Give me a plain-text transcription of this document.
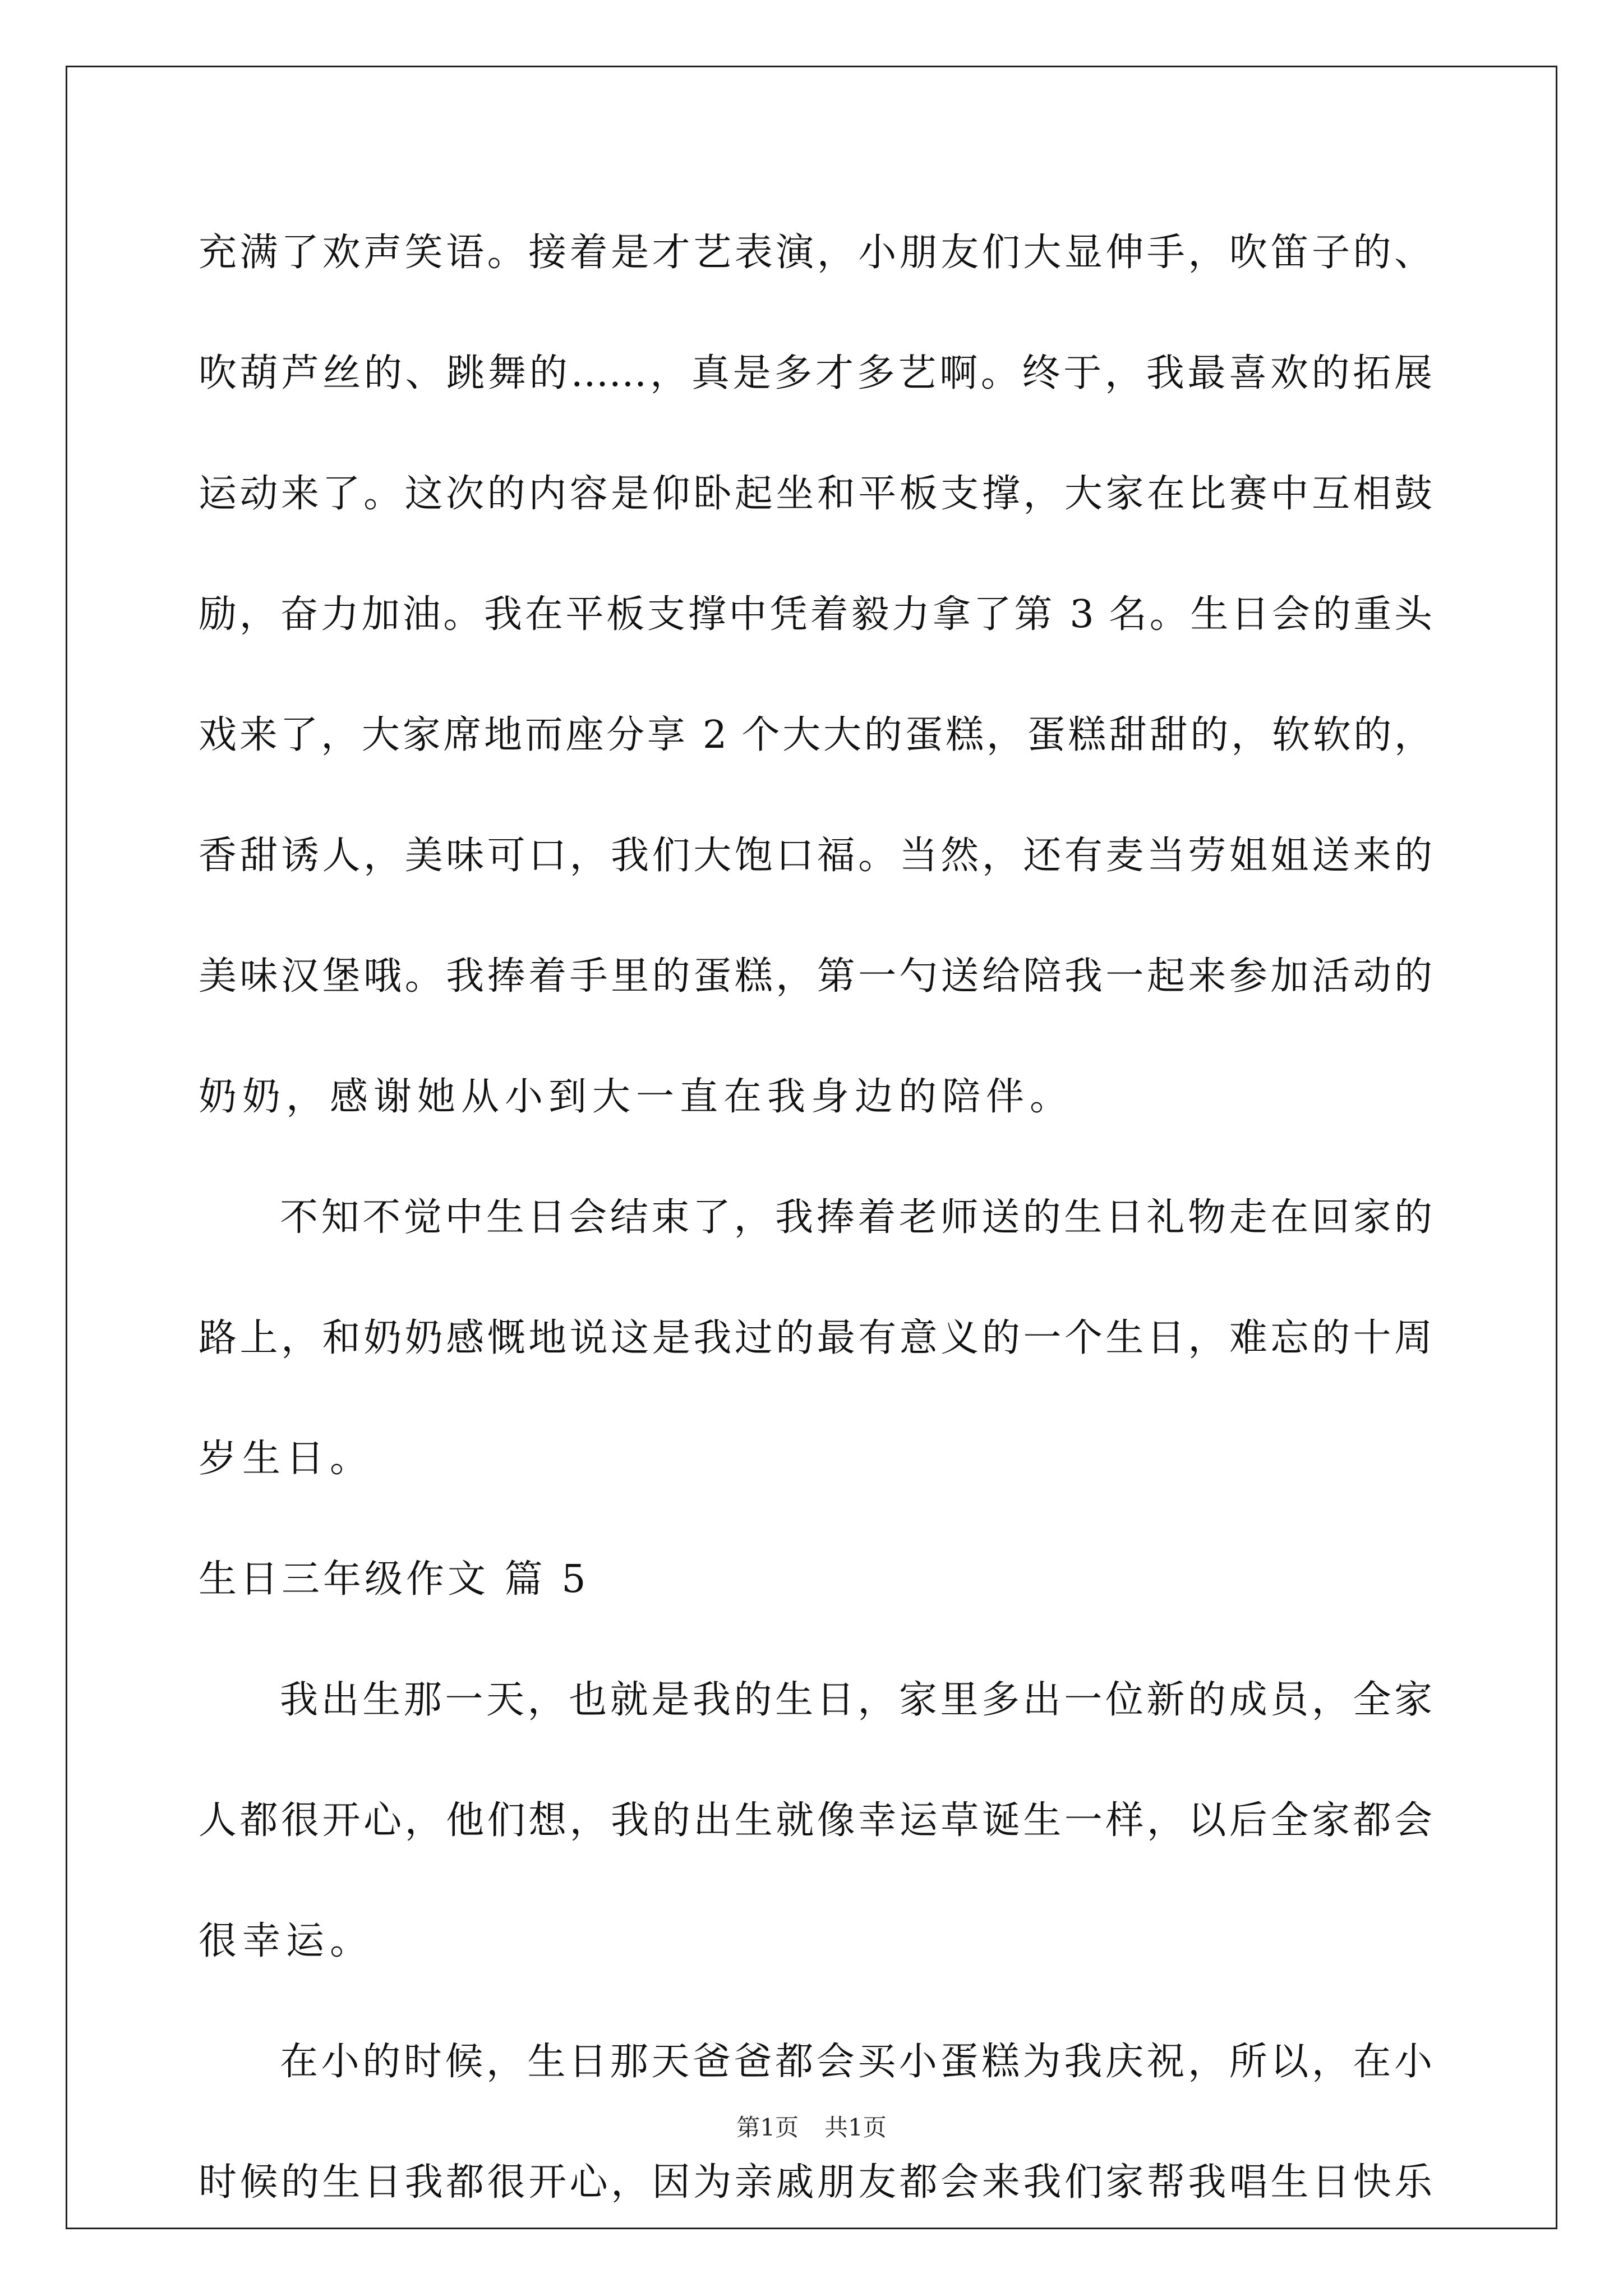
充满了欢声笑语。接着是才艺表演，小朋友们大显伸手，吹笛子的、
吹葫芦丝的、跳舞的……，真是多才多艺啊。终于，我最喜欢的拓展
运动来了。这次的内容是仰卧起坐和平板支撑，大家在比赛中互相鼓
励，奋力加油。我在平板支撑中凭着毅力拿了第 3 名。生日会的重头
戏来了，大家席地而座分享 2 个大大的蛋糕，蛋糕甜甜的，软软的，
香甜诱人，美味可口，我们大饱口福。当然，还有麦当劳姐姐送来的
美味汉堡哦。我捧着手里的蛋糕，第一勺送给陪我一起来参加活动的
奶奶，感谢她从小到大一直在我身边的陪伴。
不知不觉中生日会结束了，我捧着老师送的生日礼物走在回家的
路上，和奶奶感慨地说这是我过的最有意义的一个生日，难忘的十周
岁生日。
生日三年级作文 篇 5
我出生那一天，也就是我的生日，家里多出一位新的成员，全家
人都很开心，他们想，我的出生就像幸运草诞生一样，以后全家都会
很幸运。
在小的时候，生日那天爸爸都会买小蛋糕为我庆祝，所以，在小
时候的生日我都很开心，因为亲戚朋友都会来我们家帮我唱生日快乐
第1页 共1页
